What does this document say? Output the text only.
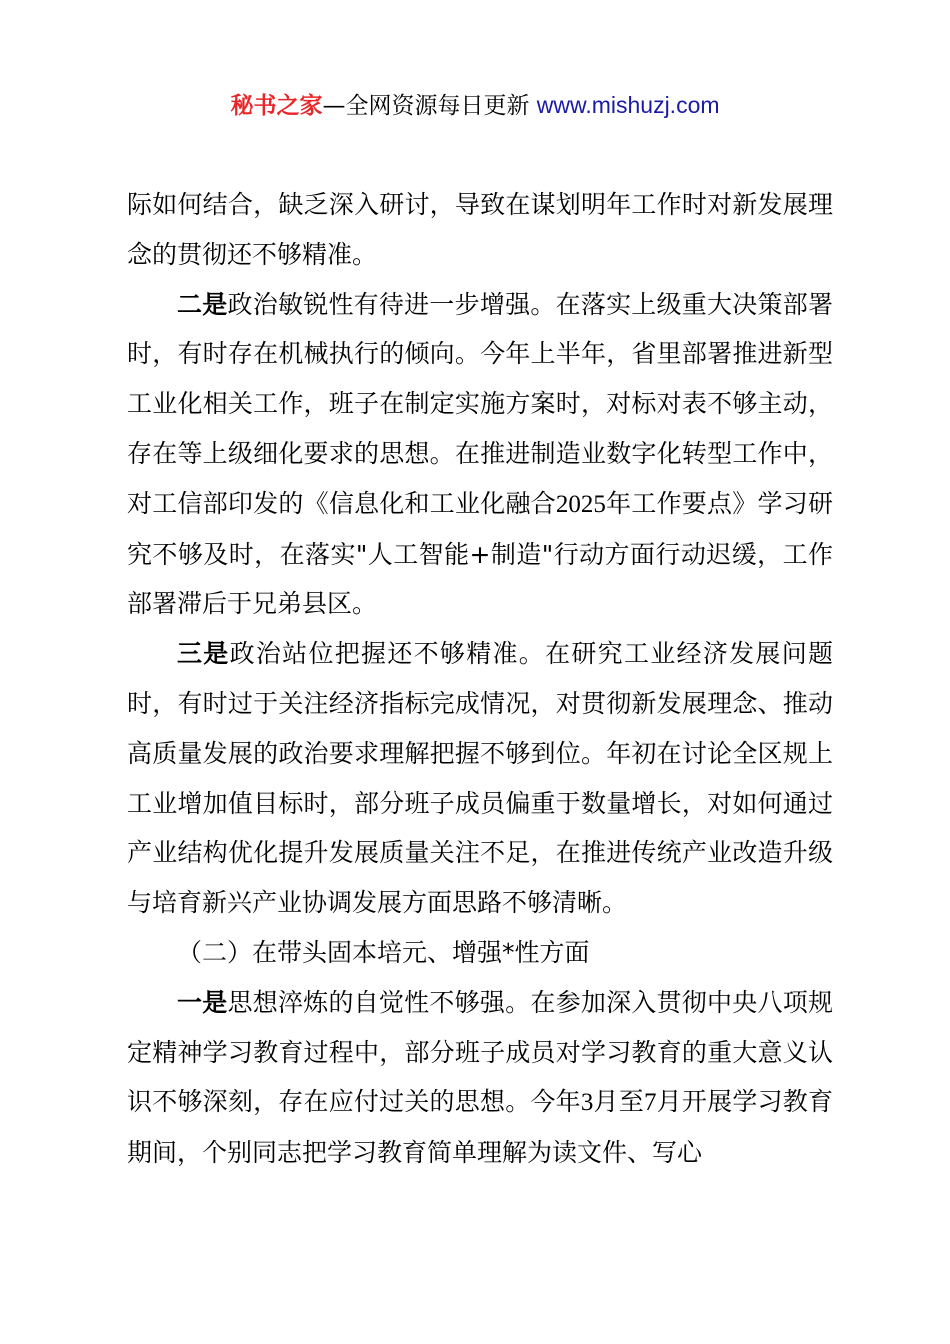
秘书之家—全网资源每日更新 www.mishuzj.com

际如何结合，缺乏深入研讨，导致在谋划明年工作时对新发展理念的贯彻还不够精准。

二是政治敏锐性有待进一步增强。在落实上级重大决策部署时，有时存在机械执行的倾向。今年上半年，省里部署推进新型工业化相关工作，班子在制定实施方案时，对标对表不够主动，存在等上级细化要求的思想。在推进制造业数字化转型工作中，对工信部印发的《信息化和工业化融合2025年工作要点》学习研究不够及时，在落实"人工智能+制造"行动方面行动迟缓，工作部署滞后于兄弟县区。

三是政治站位把握还不够精准。在研究工业经济发展问题时，有时过于关注经济指标完成情况，对贯彻新发展理念、推动高质量发展的政治要求理解把握不够到位。年初在讨论全区规上工业增加值目标时，部分班子成员偏重于数量增长，对如何通过产业结构优化提升发展质量关注不足，在推进传统产业改造升级与培育新兴产业协调发展方面思路不够清晰。

（二）在带头固本培元、增强*性方面

一是思想淬炼的自觉性不够强。在参加深入贯彻中央八项规定精神学习教育过程中，部分班子成员对学习教育的重大意义认识不够深刻，存在应付过关的思想。今年3月至7月开展学习教育期间，个别同志把学习教育简单理解为读文件、写心
